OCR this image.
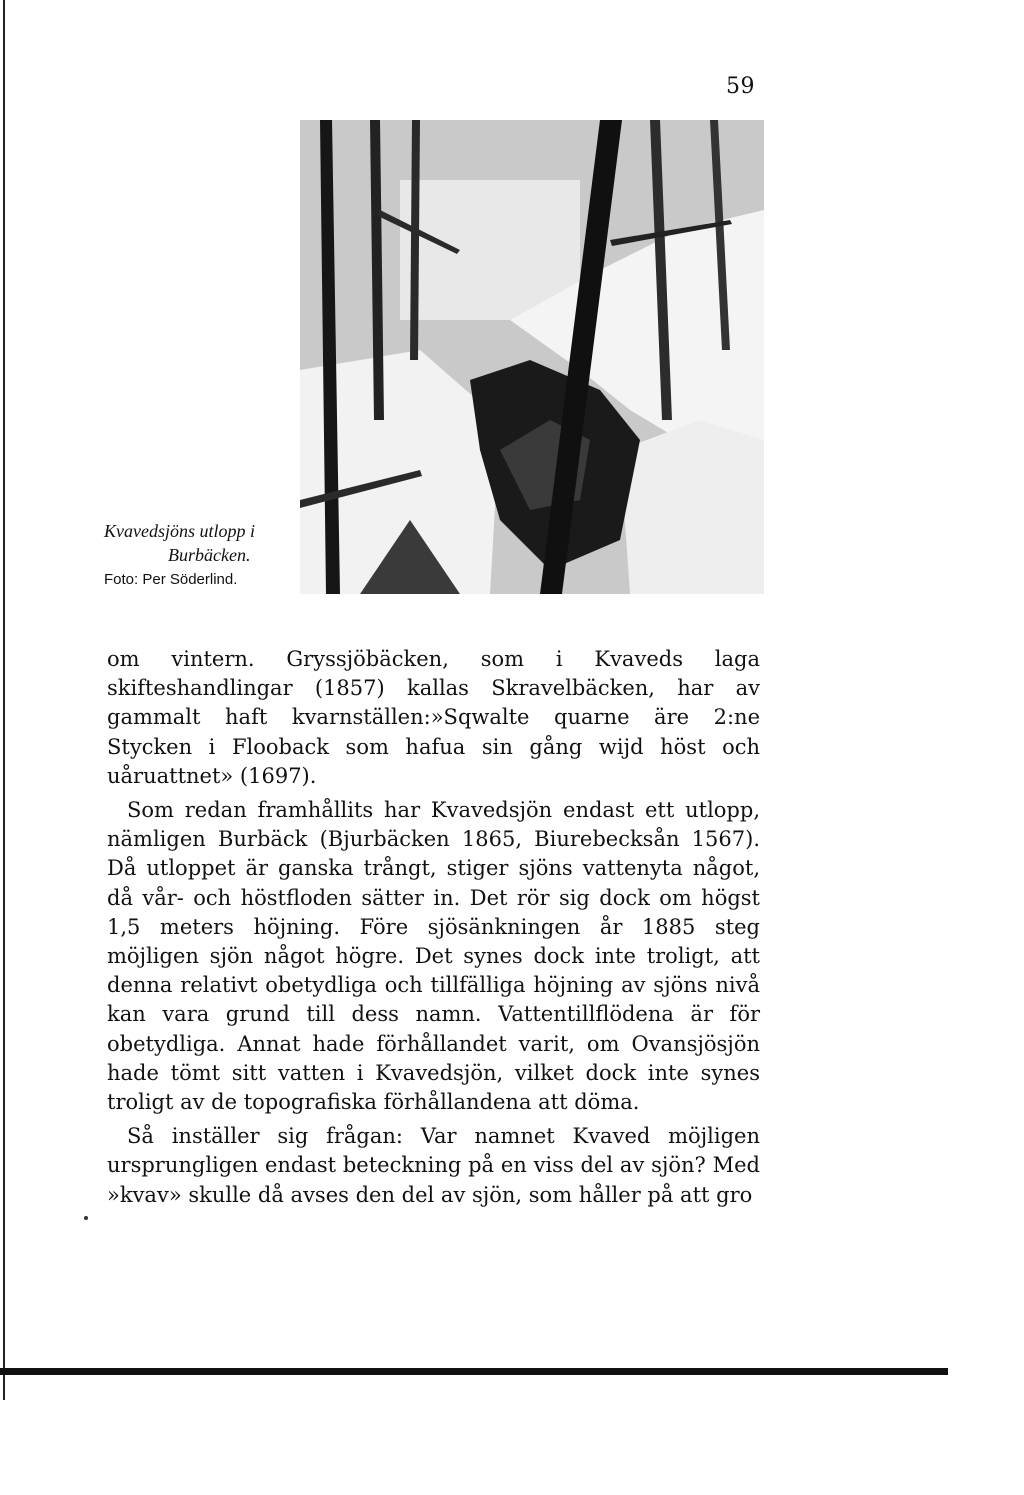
59
Kvavedsjöns utlopp i
Burbäcken.
Foto: Per Söderlind.

om vintern. Gryssjöbäcken, som i Kvaveds laga skifteshandlingar (1857) kallas Skravelbäcken, har av gammalt haft kvarnställen:»Sqwalte quarne äre 2:ne Stycken i Flooback som hafua sin gång wijd höst och uåruattnet» (1697).

Som redan framhållits har Kvavedsjön endast ett utlopp, nämligen Burbäck (Bjurbäcken 1865, Biurebecksån 1567). Då utloppet är ganska trångt, stiger sjöns vattenyta något, då vår- och höstfloden sätter in. Det rör sig dock om högst 1,5 meters höjning. Före sjösänkningen år 1885 steg möjligen sjön något högre. Det synes dock inte troligt, att denna relativt obetydliga och tillfälliga höjning av sjöns nivå kan vara grund till dess namn. Vattentillflödena är för obetydliga. Annat hade förhållandet varit, om Ovansjösjön hade tömt sitt vatten i Kvavedsjön, vilket dock inte synes troligt av de topografiska förhållandena att döma.

Så inställer sig frågan: Var namnet Kvaved möjligen ursprungligen endast beteckning på en viss del av sjön? Med »kvav» skulle då avses den del av sjön, som håller på att gro
